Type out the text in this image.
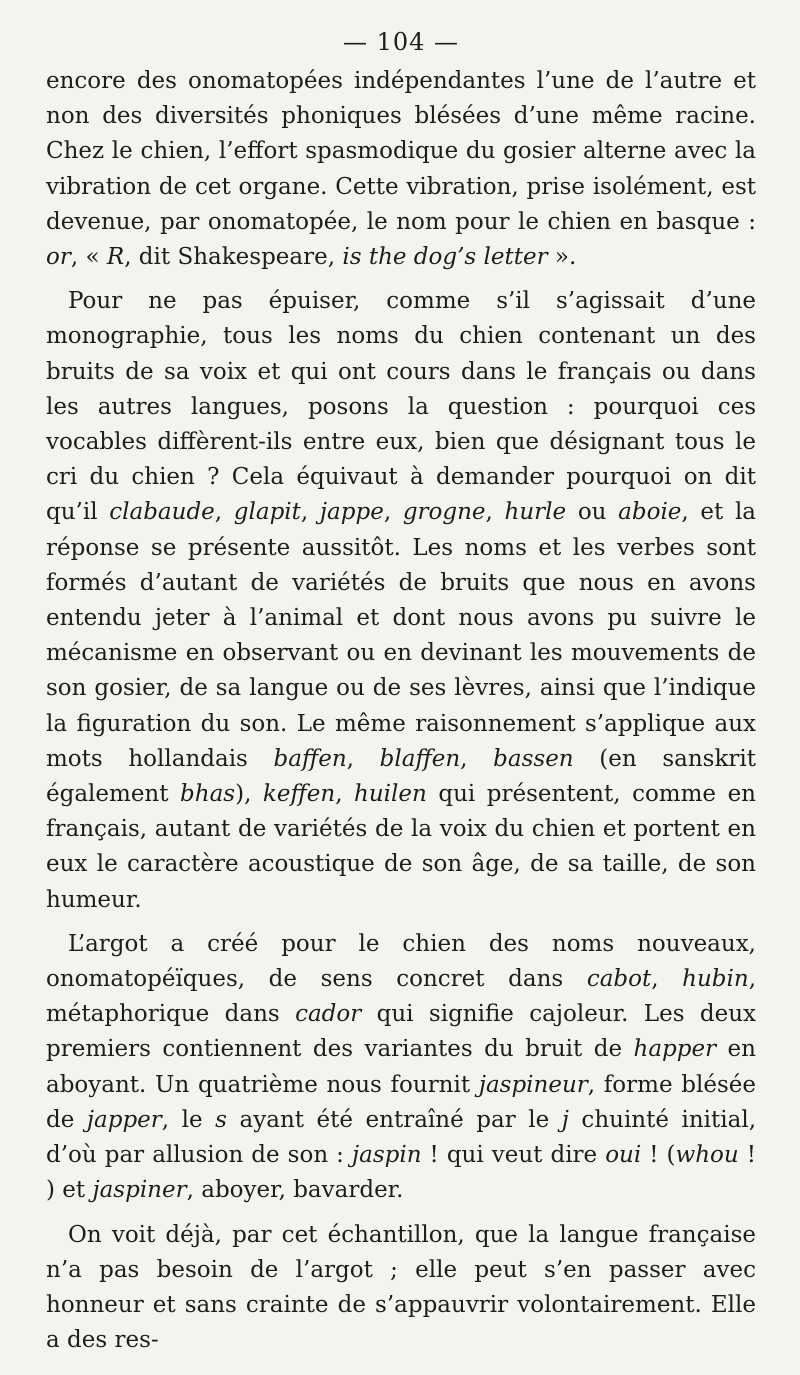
— 104 —

encore des onomatopées indépendantes l’une de l’autre et non des diversités phoniques blésées d’une même racine. Chez le chien, l’effort spasmodique du gosier alterne avec la vibration de cet organe. Cette vibration, prise isolément, est devenue, par onomatopée, le nom pour le chien en basque : or, « R, dit Shakespeare, is the dog’s letter ».

Pour ne pas épuiser, comme s’il s’agissait d’une monographie, tous les noms du chien contenant un des bruits de sa voix et qui ont cours dans le français ou dans les autres langues, posons la question : pourquoi ces vocables diffèrent-ils entre eux, bien que désignant tous le cri du chien ? Cela équivaut à demander pourquoi on dit qu’il clabaude, glapit, jappe, grogne, hurle ou aboie, et la réponse se présente aussitôt. Les noms et les verbes sont formés d’autant de variétés de bruits que nous en avons entendu jeter à l’animal et dont nous avons pu suivre le mécanisme en observant ou en devinant les mouvements de son gosier, de sa langue ou de ses lèvres, ainsi que l’indique la figuration du son. Le même raisonnement s’applique aux mots hollandais baffen, blaffen, bassen (en sanskrit également bhas), keffen, huilen qui présentent, comme en français, autant de variétés de la voix du chien et portent en eux le caractère acoustique de son âge, de sa taille, de son humeur.

L’argot a créé pour le chien des noms nouveaux, onomatopéïques, de sens concret dans cabot, hubin, métaphorique dans cador qui signifie cajoleur. Les deux premiers contiennent des variantes du bruit de happer en aboyant. Un quatrième nous fournit jaspineur, forme blésée de japper, le s ayant été entraîné par le j chuinté initial, d’où par allusion de son : jaspin ! qui veut dire oui ! (whou ! ) et jaspiner, aboyer, bavarder.

On voit déjà, par cet échantillon, que la langue française n’a pas besoin de l’argot ; elle peut s’en passer avec honneur et sans crainte de s’appauvrir volontairement. Elle a des res-
